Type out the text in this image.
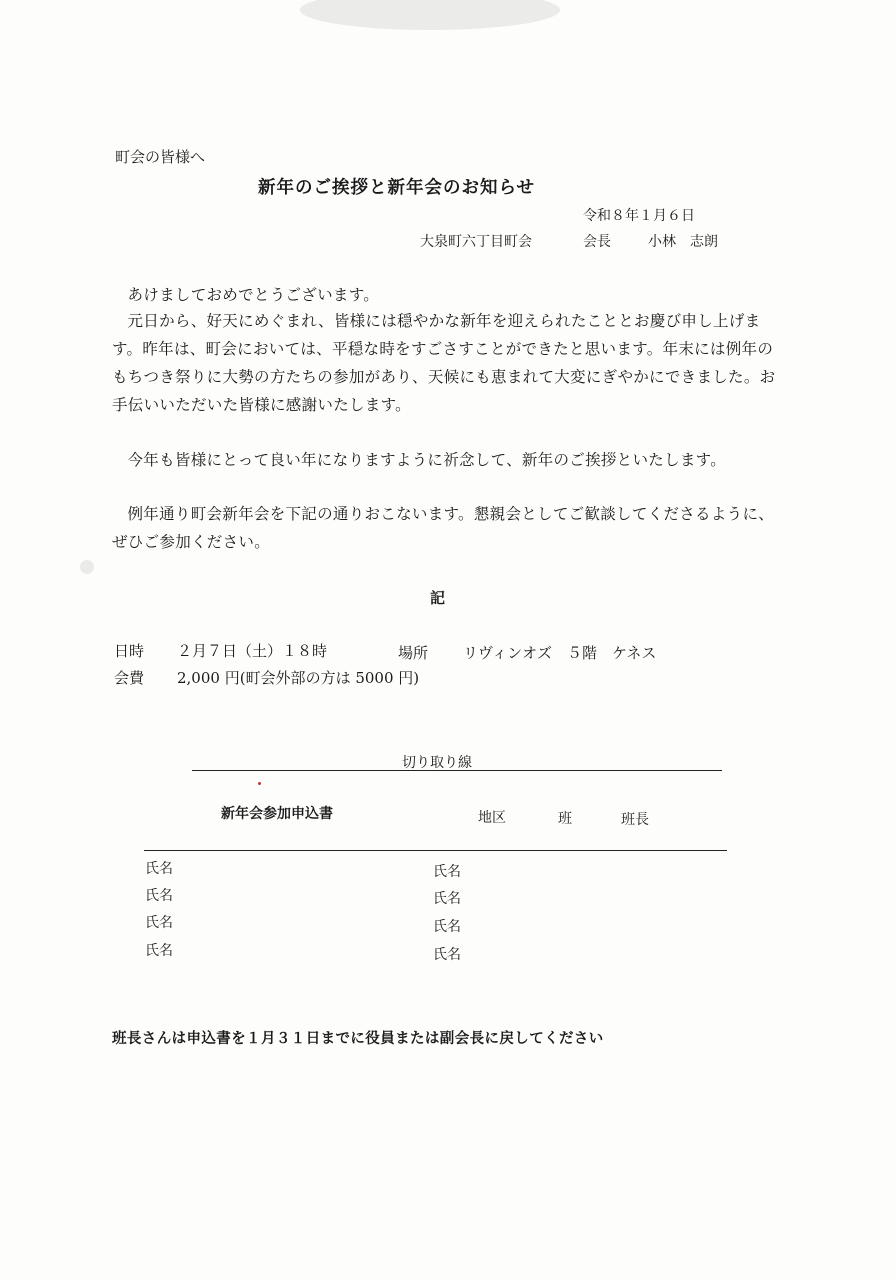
町会の皆様へ
新年のご挨拶と新年会のお知らせ
令和８年１月６日
大泉町六丁目町会	会長	小林　志朗
あけましておめでとうございます。
元日から、好天にめぐまれ、皆様には穏やかな新年を迎えられたこととお慶び申し上げます。昨年は、町会においては、平穏な時をすごさすことができたと思います。年末には例年のもちつき祭りに大勢の方たちの参加があり、天候にも恵まれて大変にぎやかにできました。お手伝いいただいた皆様に感謝いたします。
今年も皆様にとって良い年になりますように祈念して、新年のご挨拶といたします。
例年通り町会新年会を下記の通りおこないます。懇親会としてご歓談してくださるように、ぜひご参加ください。
記
日時 ２月７日（土）１８時	場所 リヴィンオズ　５階　ケネス
会費 2,000 円(町会外部の方は 5000 円)
切り取り線
新年会参加申込書	地区	班	班長
氏名
氏名
氏名
氏名
氏名
氏名
氏名
氏名
班長さんは申込書を１月３１日までに役員または副会長に戻してください
